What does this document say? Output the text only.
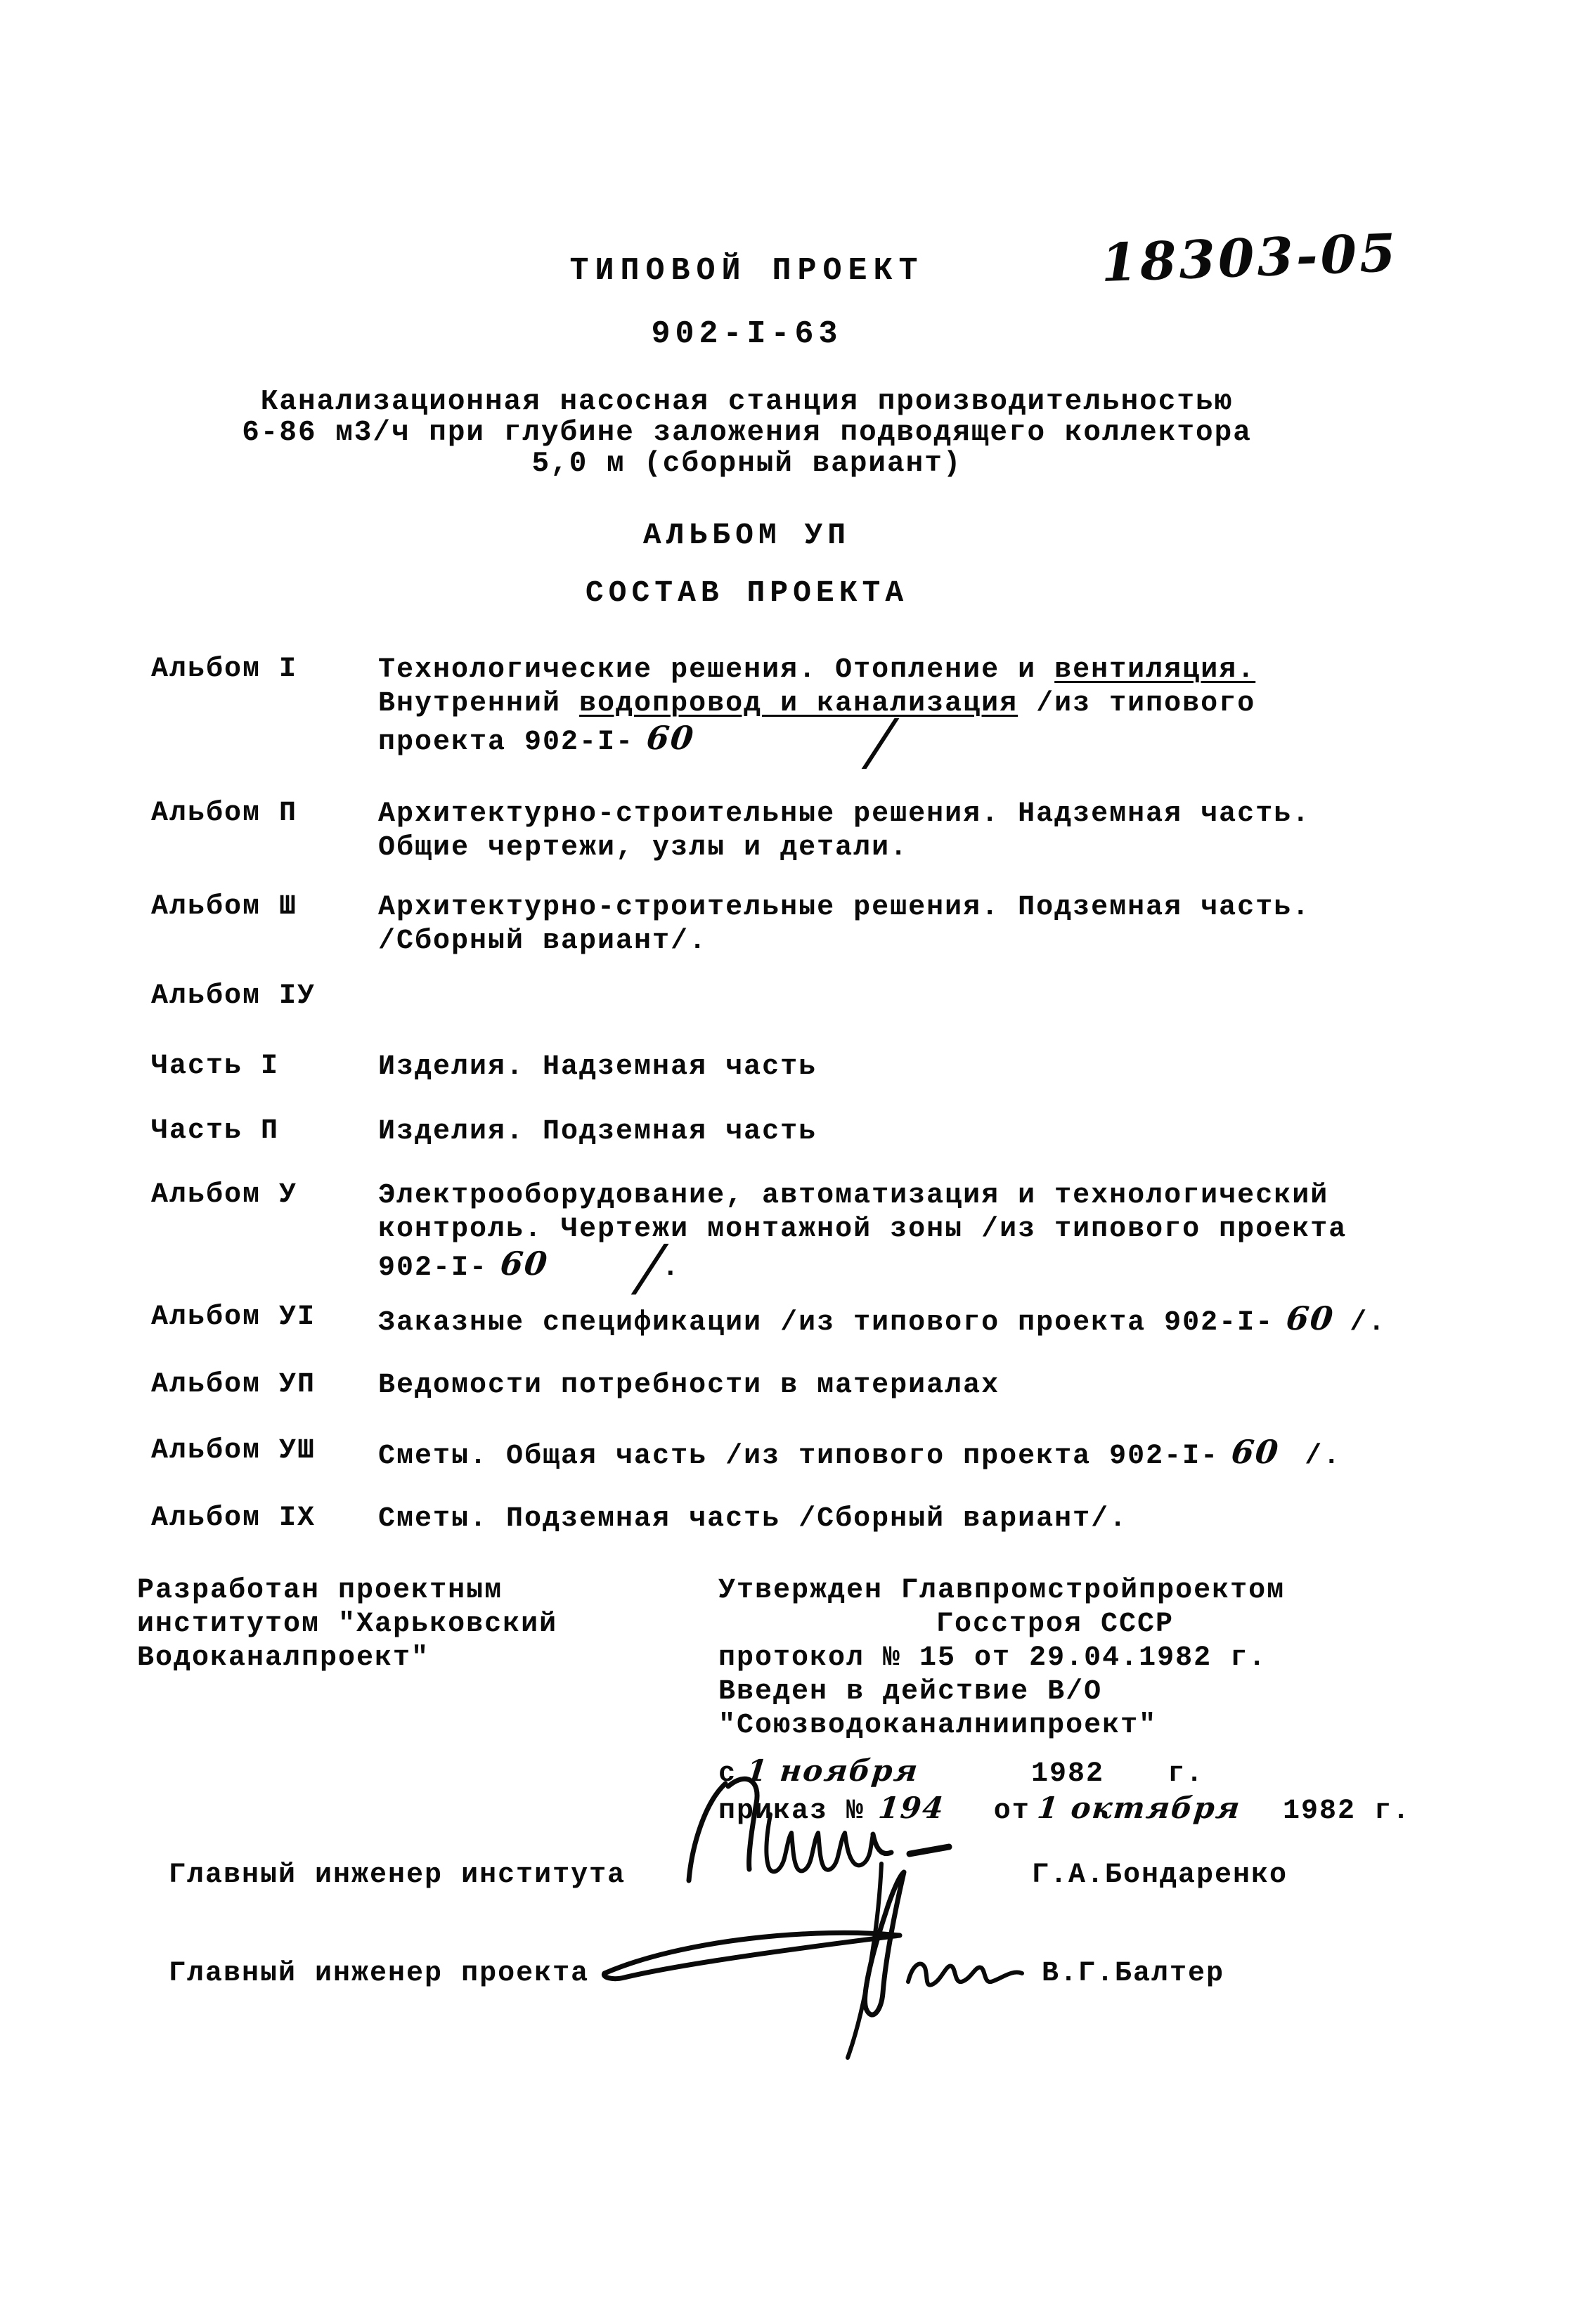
ТИПОВОЙ ПРОЕКТ	18303-05
902-I-63
Канализационная насосная станция производительностью
6-86 м3/ч при глубине заложения подводящего коллектора
5,0 м (сборный вариант)
АЛЬБОМ УП
СОСТАВ ПРОЕКТА
Альбом I	Технологические решения. Отопление и вентиляция.
Внутренний водопровод и канализация /из типового
проекта 902-I- 60	/
Альбом П	Архитектурно-строительные решения. Надземная часть.
Общие чертежи, узлы и детали.
Альбом Ш	Архитектурно-строительные решения. Подземная часть.
/Сборный вариант/.
Альбом IУ
Часть I	Изделия. Надземная часть
Часть П	Изделия. Подземная часть
Альбом У	Электрооборудование, автоматизация и технологический
контроль. Чертежи монтажной зоны /из типового проекта
902-I- 60 /.
Альбом УI Заказные спецификации /из типового проекта 902-I- 60 /.
Альбом УП Ведомости потребности в материалах
Альбом УШ Сметы. Общая часть /из типового проекта 902-I- 60 /.
Альбом IX Сметы. Подземная часть /Сборный вариант/.
Разработан проектным
институтом "Харьковский
Водоканалпроект"
Утвержден Главпромстройпроектом
Госстроя СССР
протокол № 15 от 29.04.1982 г.
Введен в действие В/О
"Союзводоканалниипроект"
с 1 ноября	1982 г.
приказ № 194 от 1 октября 1982 г.
Главный инженер института	Г.А.Бондаренко
Главный инженер проекта	В.Г.Балтер
